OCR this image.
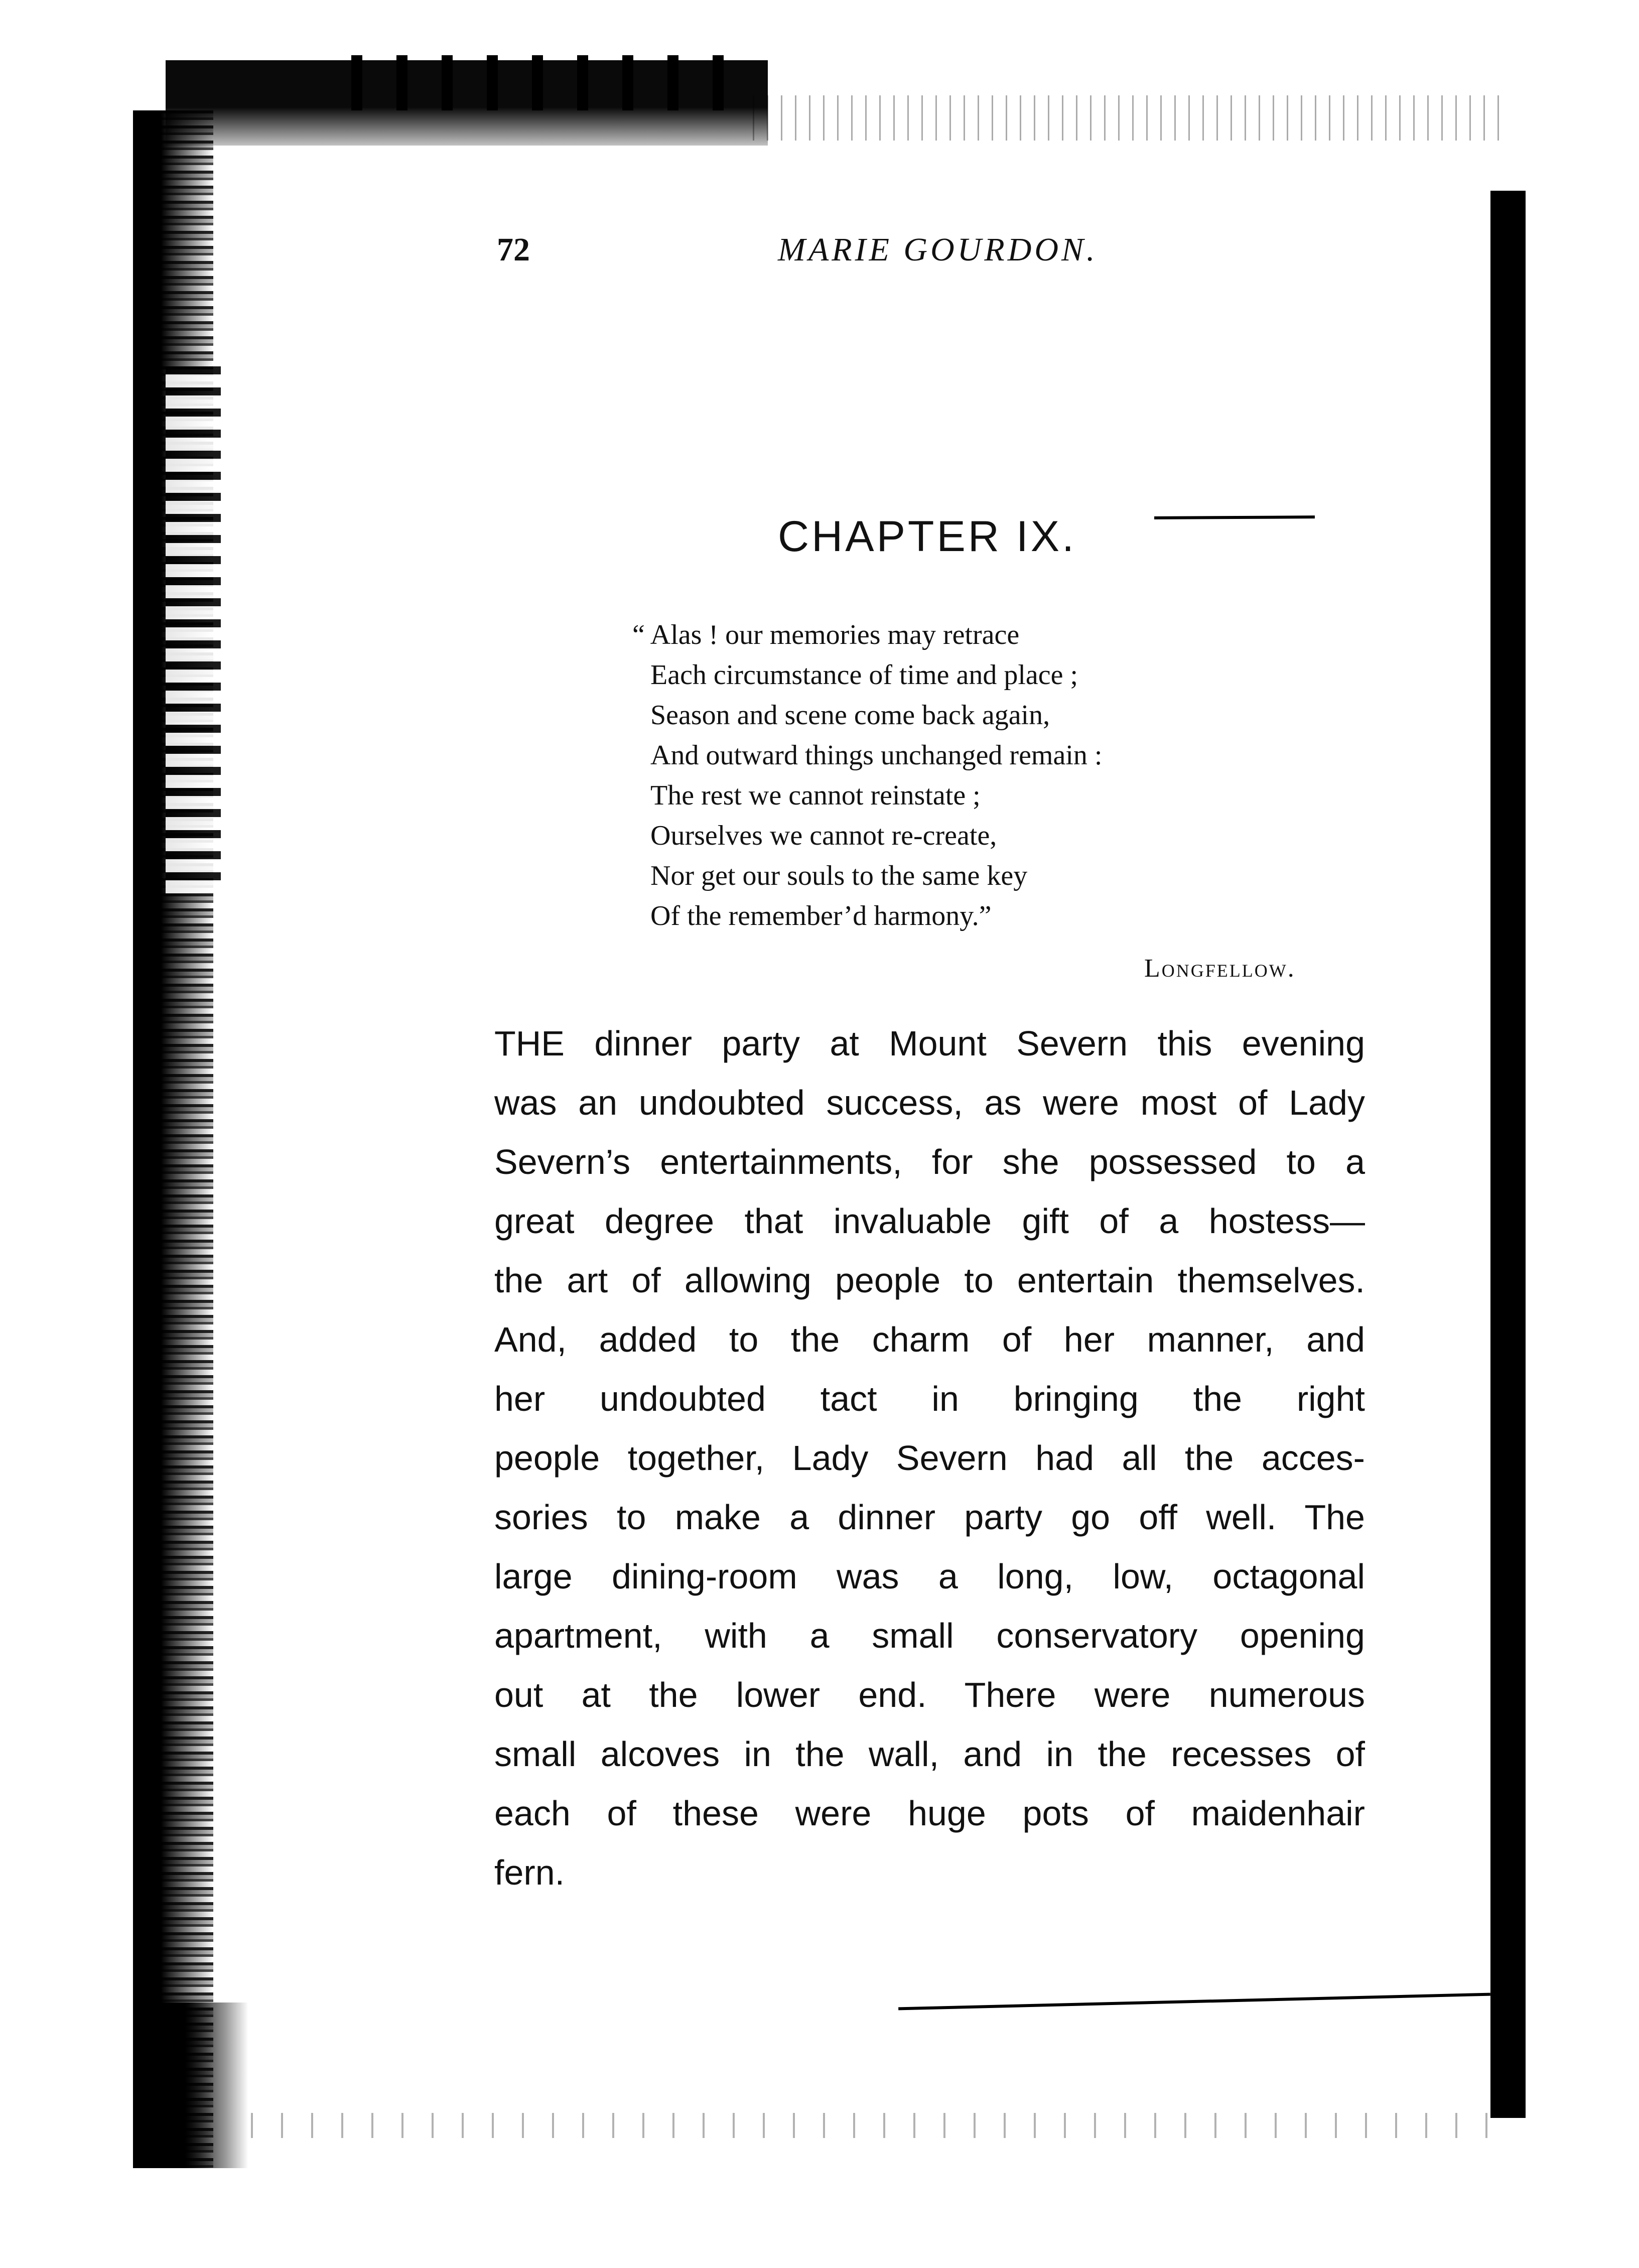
72	MARIE GOURDON.
CHAPTER IX.
“ Alas ! our memories may retrace
Each circumstance of time and place ;
Season and scene come back again,
And outward things unchanged remain :
The rest we cannot reinstate ;
Ourselves we cannot re-create,
Nor get our souls to the same key
Of the remember’d harmony.”
Longfellow.
THE dinner party at Mount Severn this evening
was an undoubted success, as were most of Lady
Severn’s entertainments, for she possessed to a
great degree that invaluable gift of a hostess—
the art of allowing people to entertain themselves.
And, added to the charm of her manner, and
her undoubted tact in bringing the right
people together, Lady Severn had all the acces-
sories to make a dinner party go off well. The
large dining-room was a long, low, octagonal
apartment, with a small conservatory opening
out at the lower end. There were numerous
small alcoves in the wall, and in the recesses of
each of these were huge pots of maidenhair
fern.
